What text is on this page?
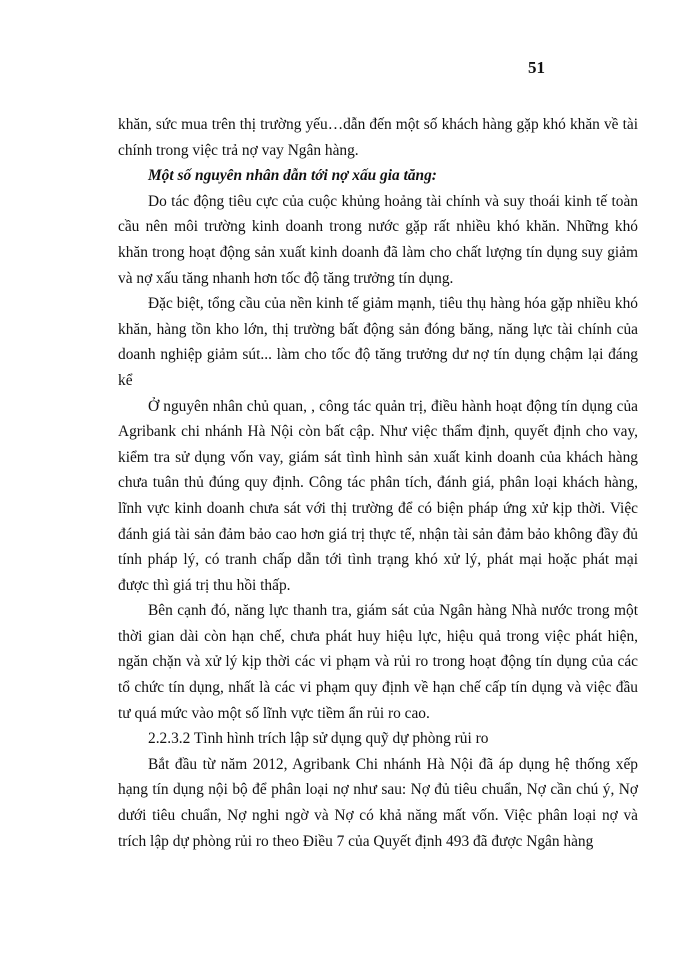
51

khăn, sức mua trên thị trường yếu…dẫn đến một số khách hàng gặp khó khăn về tài chính trong việc trả nợ vay Ngân hàng.

Một số nguyên nhân dẫn tới nợ xấu gia tăng:

Do tác động tiêu cực của cuộc khủng hoảng tài chính và suy thoái kinh tế toàn cầu nên môi trường kinh doanh trong nước gặp rất nhiều khó khăn. Những khó khăn trong hoạt động sản xuất kinh doanh đã làm cho chất lượng tín dụng suy giảm và nợ xấu tăng nhanh hơn tốc độ tăng trưởng tín dụng.

Đặc biệt, tổng cầu của nền kinh tế giảm mạnh, tiêu thụ hàng hóa gặp nhiều khó khăn, hàng tồn kho lớn, thị trường bất động sản đóng băng, năng lực tài chính của doanh nghiệp giảm sút... làm cho tốc độ tăng trưởng dư nợ tín dụng chậm lại đáng kể

Ở nguyên nhân chủ quan, , công tác quản trị, điều hành hoạt động tín dụng của Agribank chi nhánh Hà Nội còn bất cập. Như việc thẩm định, quyết định cho vay, kiểm tra sử dụng vốn vay, giám sát tình hình sản xuất kinh doanh của khách hàng chưa tuân thủ đúng quy định. Công tác phân tích, đánh giá, phân loại khách hàng, lĩnh vực kinh doanh chưa sát với thị trường để có biện pháp ứng xử kịp thời. Việc đánh giá tài sản đảm bảo cao hơn giá trị thực tế, nhận tài sản đảm bảo không đầy đủ tính pháp lý, có tranh chấp dẫn tới tình trạng khó xử lý, phát mại hoặc phát mại được thì giá trị thu hồi thấp.

Bên cạnh đó, năng lực thanh tra, giám sát của Ngân hàng Nhà nước trong một thời gian dài còn hạn chế, chưa phát huy hiệu lực, hiệu quả trong việc phát hiện, ngăn chặn và xử lý kịp thời các vi phạm và rủi ro trong hoạt động tín dụng của các tổ chức tín dụng, nhất là các vi phạm quy định về hạn chế cấp tín dụng và việc đầu tư quá mức vào một số lĩnh vực tiềm ẩn rủi ro cao.

2.2.3.2 Tình hình trích lập sử dụng quỹ dự phòng rủi ro

Bắt đầu từ năm 2012, Agribank Chi nhánh Hà Nội đã áp dụng hệ thống xếp hạng tín dụng nội bộ để phân loại nợ như sau: Nợ đủ tiêu chuẩn, Nợ cần chú ý, Nợ dưới tiêu chuẩn, Nợ nghi ngờ và Nợ có khả năng mất vốn. Việc phân loại nợ và trích lập dự phòng rủi ro theo Điều 7 của Quyết định 493 đã được Ngân hàng
